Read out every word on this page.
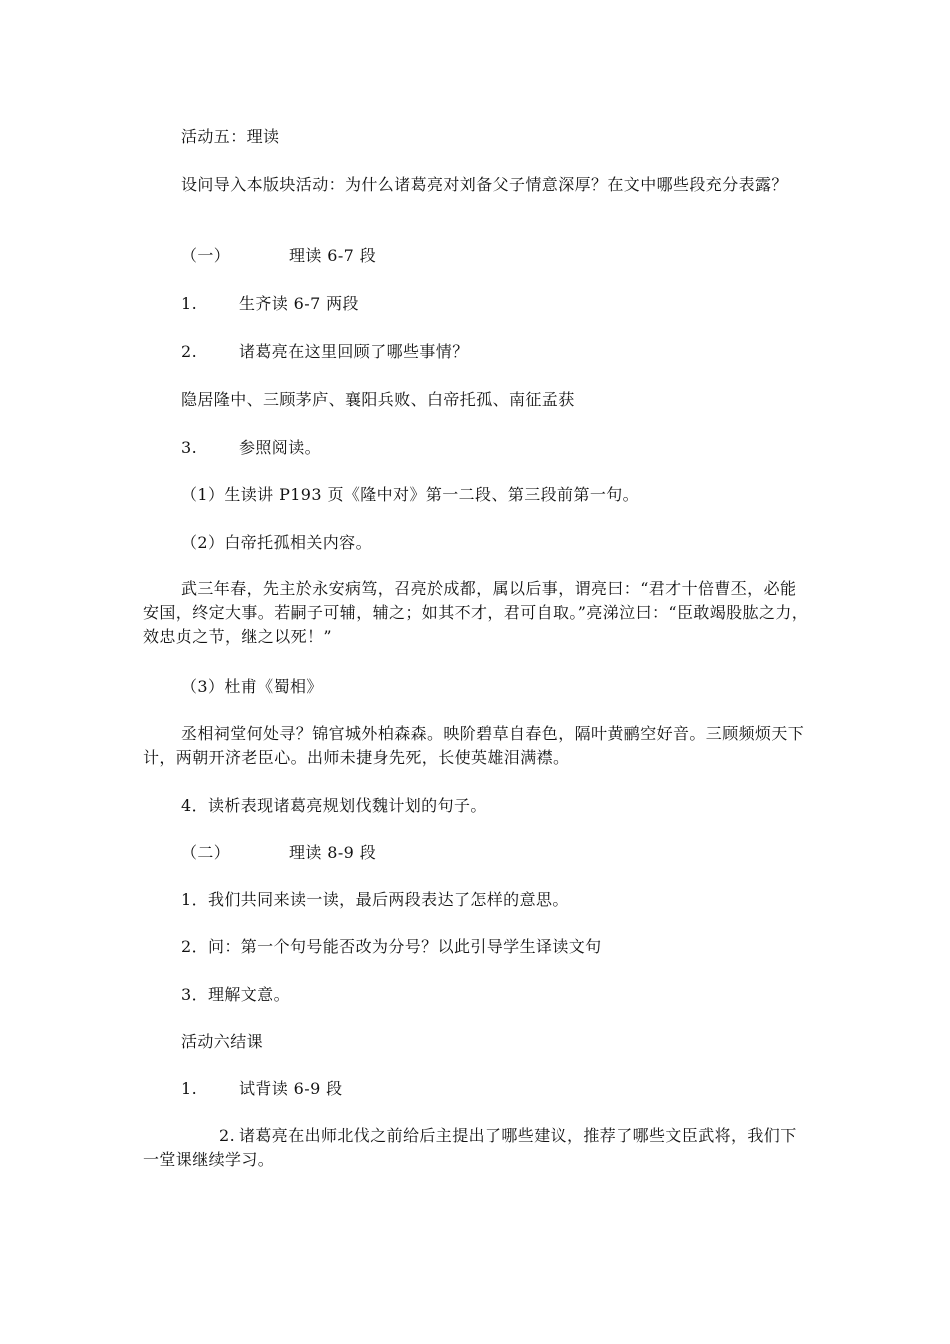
活动五：理读

设问导入本版块活动：为什么诸葛亮对刘备父子情意深厚？在文中哪些段充分表露？

（一）	理读 6-7 段

1.	生齐读 6-7 两段

2.	诸葛亮在这里回顾了哪些事情？

隐居隆中、三顾茅庐、襄阳兵败、白帝托孤、南征孟获

3.	参照阅读。

（1）生读讲 P193 页《隆中对》第一二段、第三段前第一句。

（2）白帝托孤相关内容。

武三年春，先主於永安病笃，召亮於成都，属以后事，谓亮曰：“君才十倍曹丕，必能安国，终定大事。若嗣子可辅，辅之；如其不才，君可自取。”亮涕泣曰：“臣敢竭股肱之力，效忠贞之节，继之以死！”

（3）杜甫《蜀相》

丞相祠堂何处寻？锦官城外柏森森。映阶碧草自春色，隔叶黄鹂空好音。三顾频烦天下计，两朝开济老臣心。出师未捷身先死，长使英雄泪满襟。

4．读析表现诸葛亮规划伐魏计划的句子。

（二）	理读 8-9 段

1．我们共同来读一读，最后两段表达了怎样的意思。

2．问：第一个句号能否改为分号？以此引导学生译读文句

3．理解文意。

活动六结课

1.	试背读 6-9 段

2. 诸葛亮在出师北伐之前给后主提出了哪些建议，推荐了哪些文臣武将，我们下一堂课继续学习。
